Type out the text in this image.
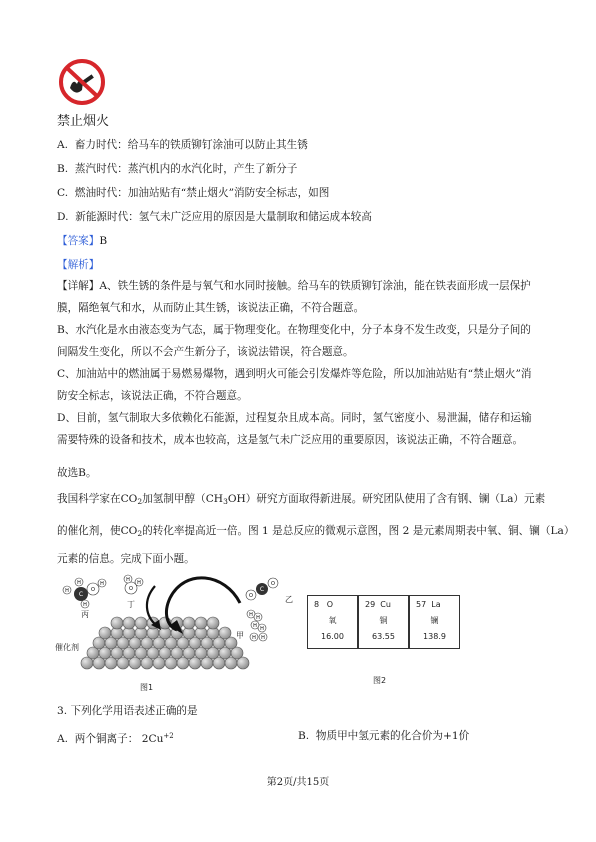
禁止烟火
A. 畜力时代：给马车的铁质铆钉涂油可以防止其生锈
B. 蒸汽时代：蒸汽机内的水汽化时，产生了新分子
C. 燃油时代：加油站贴有“禁止烟火”消防安全标志，如图
D. 新能源时代：氢气未广泛应用的原因是大量制取和储运成本较高
【答案】B
【解析】
【详解】A、铁生锈的条件是与氧气和水同时接触。给马车的铁质铆钉涂油，能在铁表面形成一层保护膜，隔绝氧气和水，从而防止其生锈，该说法正确，不符合题意。
B、水汽化是水由液态变为气态，属于物理变化。在物理变化中，分子本身不发生改变，只是分子间的间隔发生变化，所以不会产生新分子，该说法错误，符合题意。
C、加油站中的燃油属于易燃易爆物，遇到明火可能会引发爆炸等危险，所以加油站贴有“禁止烟火”消防安全标志，该说法正确，不符合题意。
D、目前，氢气制取大多依赖化石能源，过程复杂且成本高。同时，氢气密度小、易泄漏，储存和运输需要特殊的设备和技术，成本也较高，这是氢气未广泛应用的重要原因，该说法正确，不符合题意。
故选B。
我国科学家在$CO_2$加氢制甲醇$(CH_3OH)$研究方面取得新进展。研究团队使用了含有钢、镧（La）元素
的催化剂，使$CO_2$的转化率提高近一倍。图 1 是总反应的微观示意图，图 2 是元素周期表中氧、铜、镧（La）
元素的信息。完成下面小题。
H
H C
O
H
H
O
H H
O
C
O
H H
H H
H H
丙
丁
乙
甲
催化剂
图1
8 O
氧
16.00
29 Cu
铜
63.55
57 La
镧
138.9
图2
3. 下列化学用语表述正确的是
A. 两个铜离子： $2Cu^{+2}$	B. 物质甲中氢元素的化合价为+1价
第2页/共15页
